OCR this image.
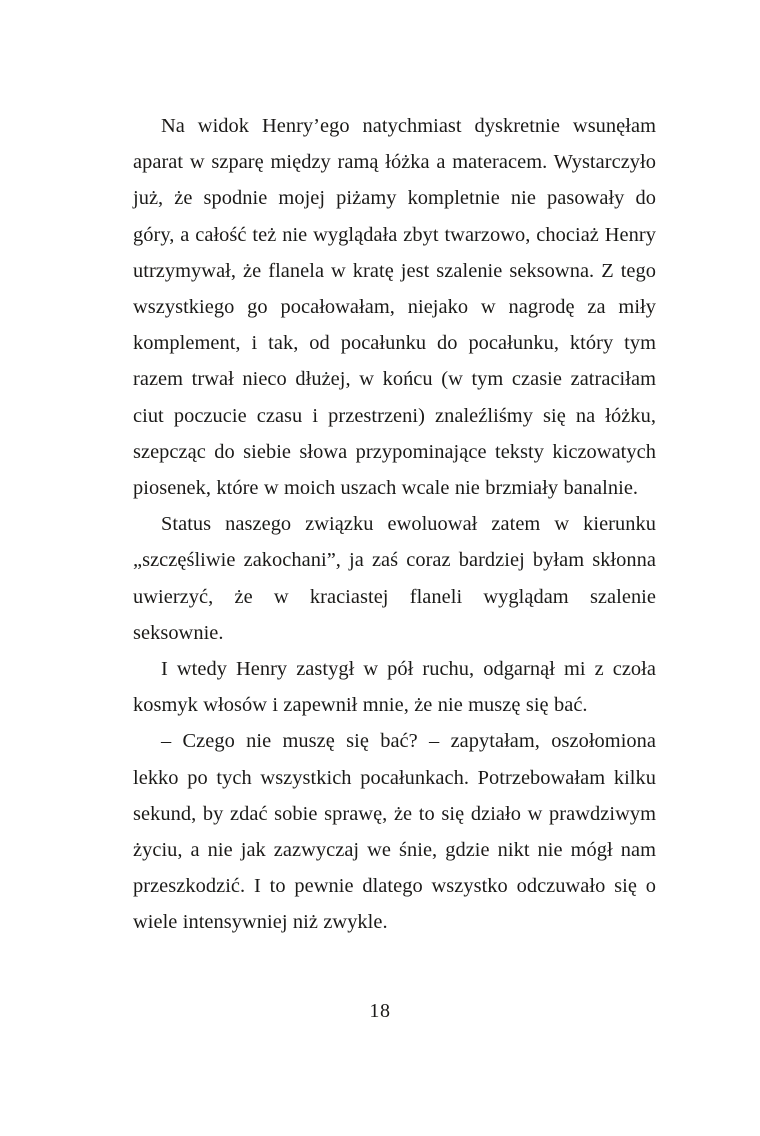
Na widok Henry’ego natychmiast dyskretnie wsunęłam aparat w szparę między ramą łóżka a materacem. Wystarczyło już, że spodnie mojej piżamy kompletnie nie pasowały do góry, a całość też nie wyglądała zbyt twarzowo, chociaż Henry utrzymywał, że flanela w kratę jest szalenie seksowna. Z tego wszystkiego go pocałowałam, niejako w nagrodę za miły komplement, i tak, od pocałunku do pocałunku, który tym razem trwał nieco dłużej, w końcu (w tym czasie zatraciłam ciut poczucie czasu i przestrzeni) znaleźliśmy się na łóżku, szepcząc do siebie słowa przypominające teksty kiczowatych piosenek, które w moich uszach wcale nie brzmiały banalnie.

Status naszego związku ewoluował zatem w kierunku „szczęśliwie zakochani”, ja zaś coraz bardziej byłam skłonna uwierzyć, że w kraciastej flaneli wyglądam szalenie seksownie.

I wtedy Henry zastygł w pół ruchu, odgarnął mi z czoła kosmyk włosów i zapewnił mnie, że nie muszę się bać.

– Czego nie muszę się bać? – zapytałam, oszołomiona lekko po tych wszystkich pocałunkach. Potrzebowałam kilku sekund, by zdać sobie sprawę, że to się działo w prawdziwym życiu, a nie jak zazwyczaj we śnie, gdzie nikt nie mógł nam przeszkodzić. I to pewnie dlatego wszystko odczuwało się o wiele intensywniej niż zwykle.

18
